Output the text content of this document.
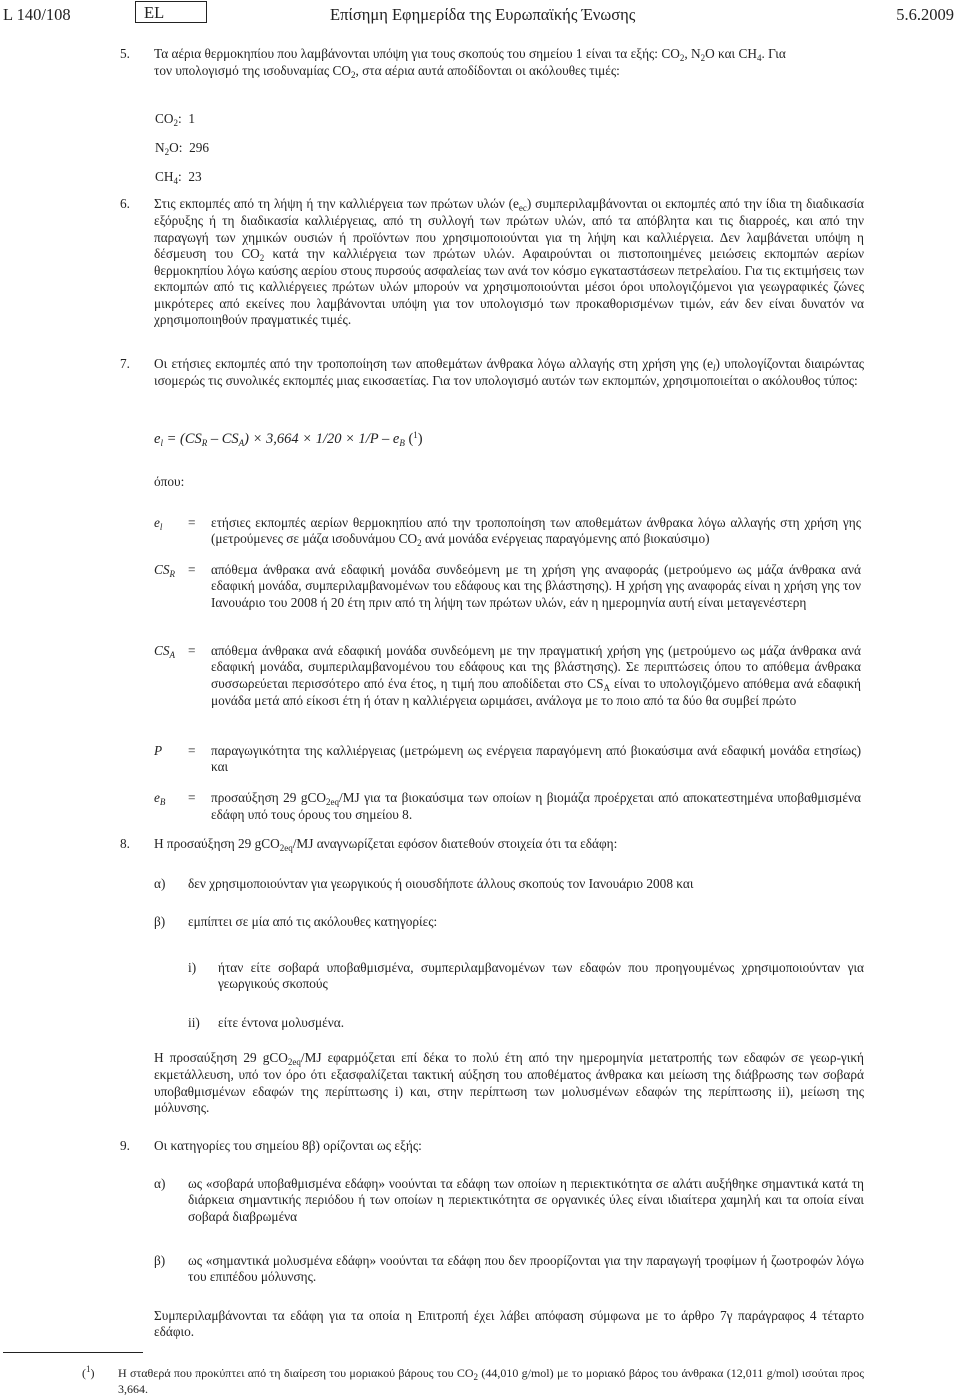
L 140/108	EL	Επίσημη Εφημερίδα της Ευρωπαϊκής Ένωσης	5.6.2009
5. Τα αέρια θερμοκηπίου που λαμβάνονται υπόψη για τους σκοπούς του σημείου 1 είναι τα εξής: $CO_2$, $N_2O$ και $CH_4$. Για
τον υπολογισμό της ισοδυναμίας $CO_2$, στα αέρια αυτά αποδίδονται οι ακόλουθες τιμές:
$CO_2$: 1
$N_2O$: 296
$CH_4$: 23
6. Στις εκπομπές από τη λήψη ή την καλλιέργεια των πρώτων υλών $(e_{ec})$ συμπεριλαμβάνονται οι εκπομπές από την ίδια τη διαδικασία εξόρυξης ή τη διαδικασία καλλιέργειας, από τη συλλογή των πρώτων υλών, από τα απόβλητα και τις διαρροές, και από την παραγωγή των χημικών ουσιών ή προϊόντων που χρησιμοποιούνται για τη λήψη και καλλιέργεια. Δεν λαμβάνεται υπόψη η δέσμευση του $CO_2$ κατά την καλλιέργεια των πρώτων υλών. Αφαιρούνται οι πιστοποιημένες μειώσεις εκπομπών αερίων θερμοκηπίου λόγω καύσης αερίου στους πυρσούς ασφαλείας των ανά τον κόσμο εγκαταστάσεων πετρελαίου. Για τις εκτιμήσεις των εκπομπών από τις καλλιέργειες πρώτων υλών μπορούν να χρησιμοποιούνται μέσοι όροι υπολογιζόμενοι για γεωγραφικές ζώνες μικρότερες από εκείνες που λαμβάνονται υπόψη για τον υπολογισμό των προκαθορισμένων τιμών, εάν δεν είναι δυνατόν να χρησιμοποιηθούν πραγματικές τιμές.

7. Οι ετήσιες εκπομπές από την τροποποίηση των αποθεμάτων άνθρακα λόγω αλλαγής στη χρήση γης $(e_l)$ υπολογίζονται διαιρώντας ισομερώς τις συνολικές εκπομπές μιας εικοσαετίας. Για τον υπολογισμό αυτών των εκπομπών, χρησιμοποιείται ο ακόλουθος τύπος:

$e_l = (CS_R - CS_A) \times 3,664 \times 1/20 \times 1/P - e_B$ ($^1$)
όπου:
$e_l = \varepsilon\tau ή\sigma\iota\varepsilon\varsigma$ εκπομπές αερίων θερμοκηπίου από την τροποποίηση των αποθεμάτων άνθρακα λόγω αλλαγής στη χρήση γης (μετρούμενες σε μάζα ισοδυνάμου $CO_2$ ανά μονάδα ενέργειας παραγόμενης από βιοκαύσιμο)

$CS_R = \alpha\pi ό\theta\varepsilon\mu\alpha$ άνθρακα ανά εδαφική μονάδα συνδεόμενη με τη χρήση γης αναφοράς (μετρούμενο ως μάζα άνθρακα ανά εδαφική μονάδα, συμπεριλαμβανομένων του εδάφους και της βλάστησης). Η χρήση γης αναφοράς είναι η χρήση γης τον Ιανουάριο του 2008 ή 20 έτη πριν από τη λήψη των πρώτων υλών, εάν η ημερομηνία αυτή είναι μεταγενέστερη

$CS_A = \alpha\pi ό\theta\varepsilon\mu\alpha$ άνθρακα ανά εδαφική μονάδα συνδεόμενη με την πραγματική χρήση γης (μετρούμενο ως μάζα άνθρακα ανά εδαφική μονάδα, συμπεριλαμβανομένου του εδάφους και της βλάστησης). Σε περιπτώσεις όπου το απόθεμα άνθρακα συσσωρεύεται περισσότερο από ένα έτος, η τιμή που αποδίδεται στο $CS_A$ είναι το υπολογιζόμενο απόθεμα ανά εδαφική μονάδα μετά από είκοσι έτη ή όταν η καλλιέργεια ωριμάσει, ανάλογα με το ποιο από τα δύο θα συμβεί πρώτο

P = παραγωγικότητα της καλλιέργειας (μετρώμενη ως ενέργεια παραγόμενη από βιοκαύσιμα ανά εδαφική μονάδα ετησίως) και

$e_B = \pi\rho o\sigma\alpha ύ\xi\eta\sigma\eta$ 29 gCO$_{2eq}$/MJ για τα βιοκαύσιμα των οποίων η βιομάζα προέρχεται από αποκατεστημένα υποβαθμισμένα εδάφη υπό τους όρους του σημείου 8.

8. Η προσαύξηση 29 gCO$_{2eq}$/MJ αναγνωρίζεται εφόσον διατεθούν στοιχεία ότι τα εδάφη:
α) δεν χρησιμοποιούνταν για γεωργικούς ή οιουσδήποτε άλλους σκοπούς τον Ιανουάριο 2008 και
β) εμπίπτει σε μία από τις ακόλουθες κατηγορίες:
i) ήταν είτε σοβαρά υποβαθμισμένα, συμπεριλαμβανομένων των εδαφών που προηγουμένως χρησιμοποιούνταν για γεωργικούς σκοπούς

ii) είτε έντονα μολυσμένα.

Η προσαύξηση 29 gCO$_{2eq}$/MJ εφαρμόζεται επί δέκα το πολύ έτη από την ημερομηνία μετατροπής των εδαφών σε γεωρ-γική εκμετάλλευση, υπό τον όρο ότι εξασφαλίζεται τακτική αύξηση του αποθέματος άνθρακα και μείωση της διάβρωσης των σοβαρά υποβαθμισμένων εδαφών της περίπτωσης i) και, στην περίπτωση των μολυσμένων εδαφών της περίπτωσης ii), μείωση της μόλυνσης.

9. Οι κατηγορίες του σημείου 8β) ορίζονται ως εξής:
α) ως «σοβαρά υποβαθμισμένα εδάφη» νοούνται τα εδάφη των οποίων η περιεκτικότητα σε αλάτι αυξήθηκε σημαντικά κατά τη διάρκεια σημαντικής περιόδου ή των οποίων η περιεκτικότητα σε οργανικές ύλες είναι ιδιαίτερα χαμηλή και τα οποία είναι σοβαρά διαβρωμένα

β) ως «σημαντικά μολυσμένα εδάφη» νοούνται τα εδάφη που δεν προορίζονται για την παραγωγή τροφίμων ή ζωοτροφών λόγω του επιπέδου μόλυνσης.

Συμπεριλαμβάνονται τα εδάφη για τα οποία η Επιτροπή έχει λάβει απόφαση σύμφωνα με το άρθρο 7γ παράγραφος 4 τέταρτο εδάφιο.

($^1$) Η σταθερά που προκύπτει από τη διαίρεση του μοριακού βάρους του $CO_2$ (44,010 g/mol) με το μοριακό βάρος του άνθρακα (12,011 g/mol) ισούται προς 3,664.
